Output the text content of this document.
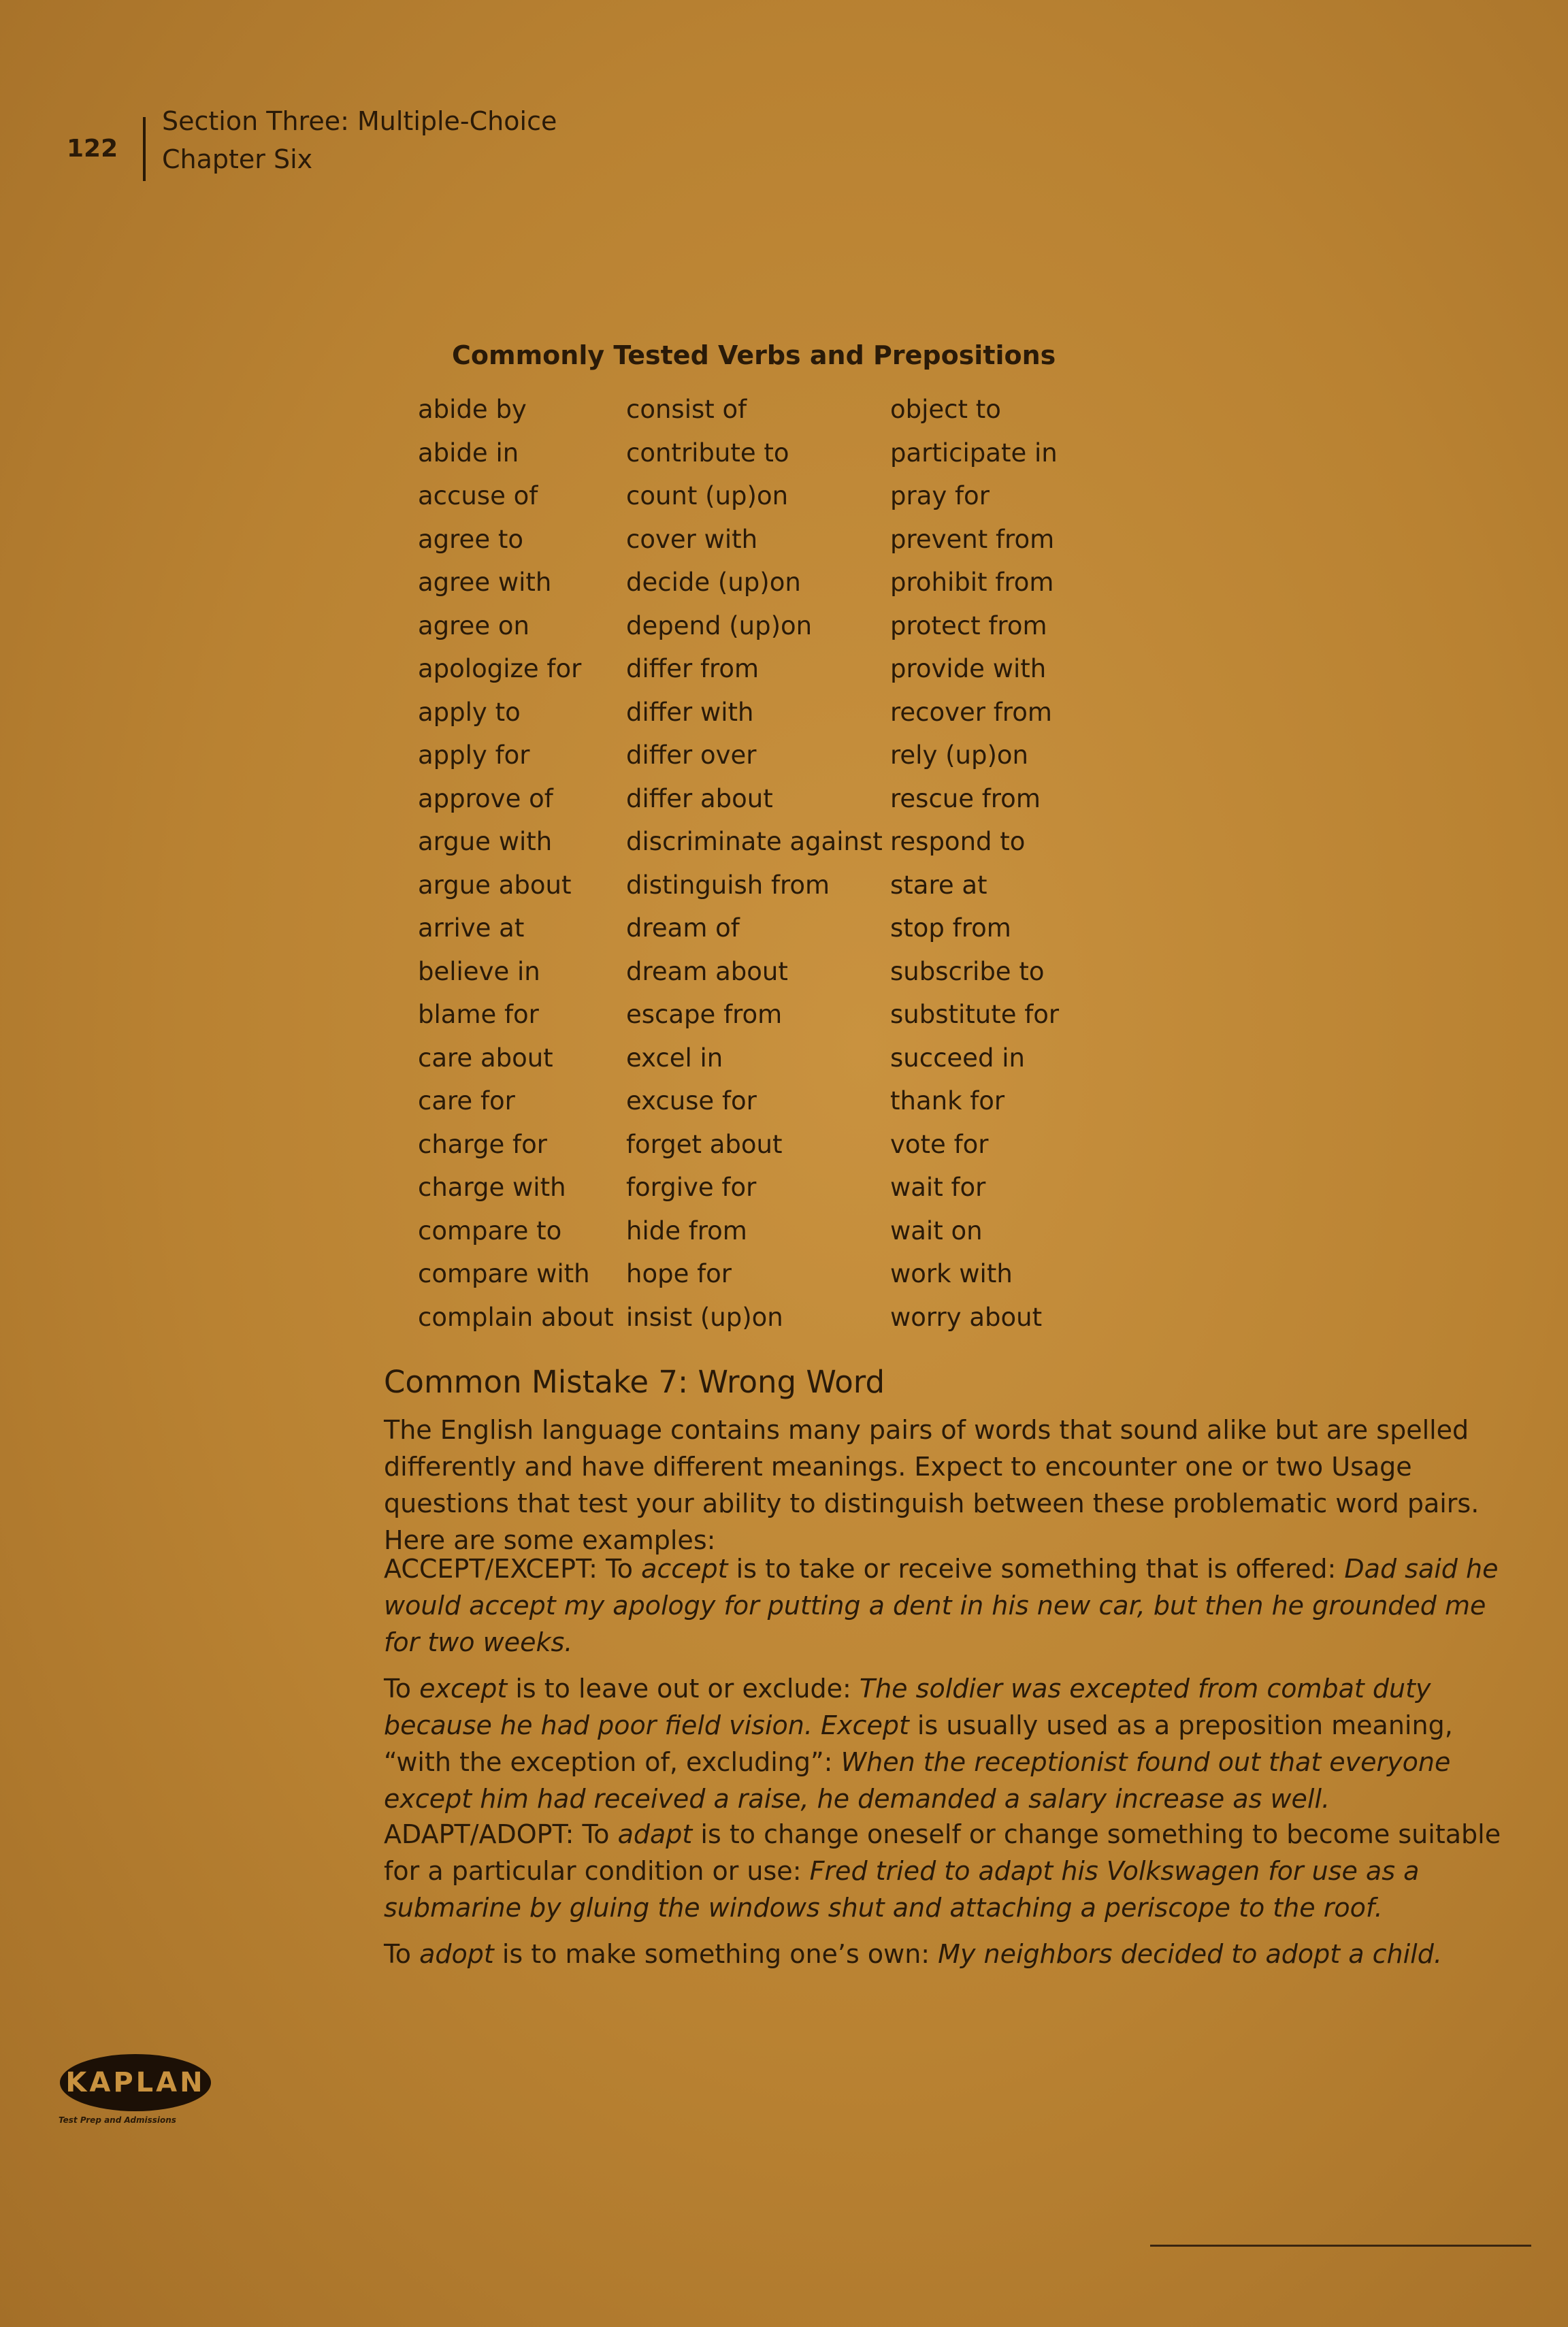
122
Section Three: Multiple-Choice
Chapter Six
Commonly Tested Verbs and Prepositions
abide by
abide in
accuse of
agree to
agree with
agree on
apologize for
apply to
apply for
approve of
argue with
argue about
arrive at
believe in
blame for
care about
care for
charge for
charge with
compare to
compare with
complain about
consist of
contribute to
count (up)on
cover with
decide (up)on
depend (up)on
differ from
differ with
differ over
differ about
discriminate against
distinguish from
dream of
dream about
escape from
excel in
excuse for
forget about
forgive for
hide from
hope for
insist (up)on
object to
participate in
pray for
prevent from
prohibit from
protect from
provide with
recover from
rely (up)on
rescue from
respond to
stare at
stop from
subscribe to
substitute for
succeed in
thank for
vote for
wait for
wait on
work with
worry about
Common Mistake 7: Wrong Word

The English language contains many pairs of words that sound alike but are spelled differently and have different meanings. Expect to encounter one or two Usage questions that test your ability to distinguish between these problematic word pairs. Here are some examples:

ACCEPT/EXCEPT: To accept is to take or receive something that is offered: Dad said he would accept my apology for putting a dent in his new car, but then he grounded me for two weeks.

To except is to leave out or exclude: The soldier was excepted from combat duty because he had poor field vision. Except is usually used as a preposition meaning, “with the exception of, excluding”: When the receptionist found out that everyone except him had received a raise, he demanded a salary increase as well.

ADAPT/ADOPT: To adapt is to change oneself or change something to become suitable for a particular condition or use: Fred tried to adapt his Volkswagen for use as a submarine by gluing the windows shut and attaching a periscope to the roof.

To adopt is to make something one’s own: My neighbors decided to adopt a child.

KAPLAN
Test Prep and Admissions
